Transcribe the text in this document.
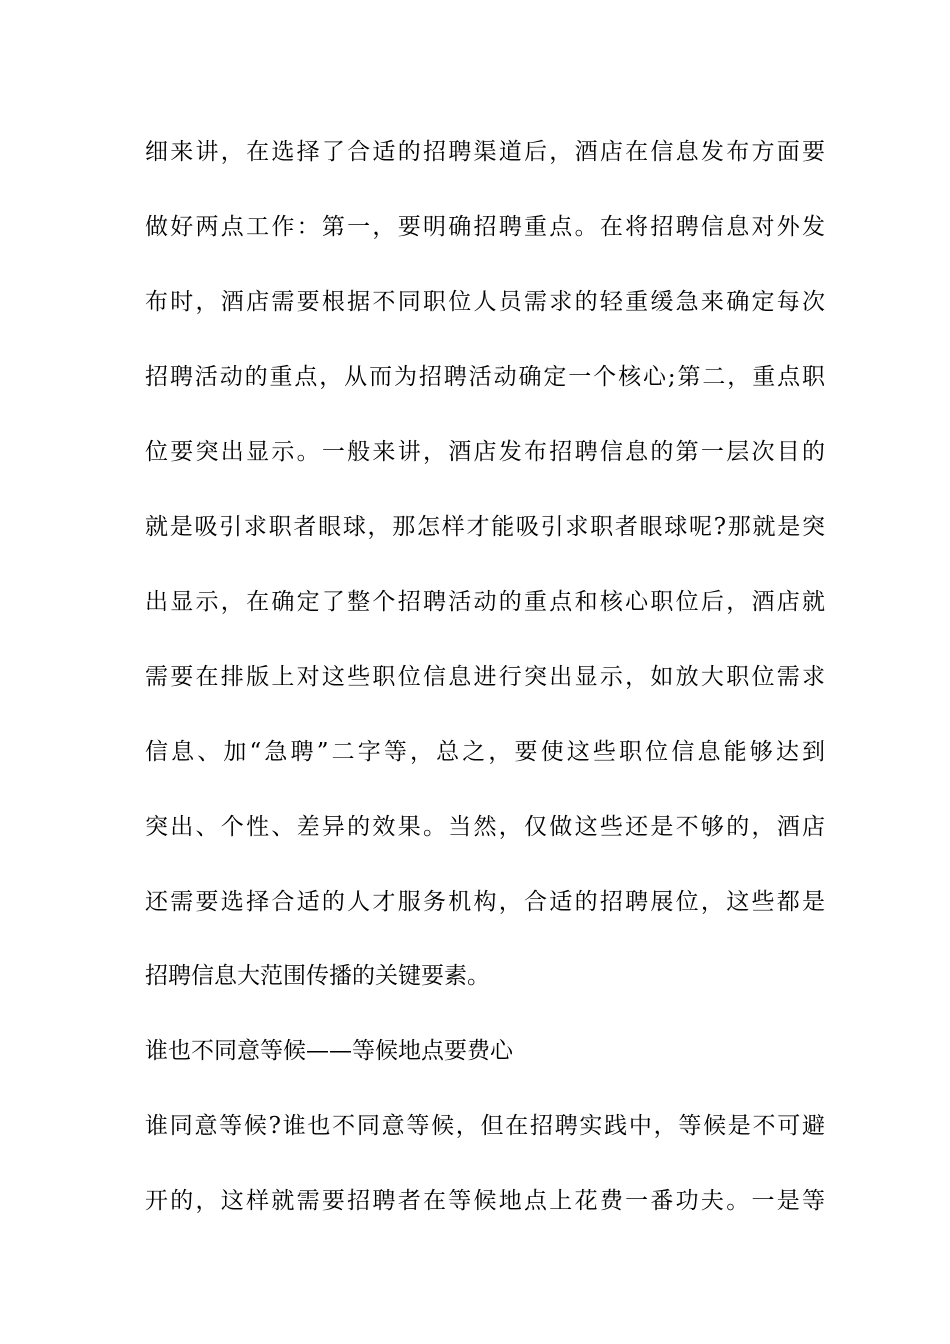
细来讲，在选择了合适的招聘渠道后，酒店在信息发布方面要
做好两点工作：第一，要明确招聘重点。在将招聘信息对外发
布时，酒店需要根据不同职位人员需求的轻重缓急来确定每次
招聘活动的重点，从而为招聘活动确定一个核心;第二，重点职
位要突出显示。一般来讲，酒店发布招聘信息的第一层次目的
就是吸引求职者眼球，那怎样才能吸引求职者眼球呢?那就是突
出显示，在确定了整个招聘活动的重点和核心职位后，酒店就
需要在排版上对这些职位信息进行突出显示，如放大职位需求
信息、加“急聘”二字等，总之，要使这些职位信息能够达到
突出、个性、差异的效果。当然，仅做这些还是不够的，酒店
还需要选择合适的人才服务机构，合适的招聘展位，这些都是
招聘信息大范围传播的关键要素。
谁也不同意等候——等候地点要费心
谁同意等候?谁也不同意等候，但在招聘实践中，等候是不可避
开的，这样就需要招聘者在等候地点上花费一番功夫。一是等
